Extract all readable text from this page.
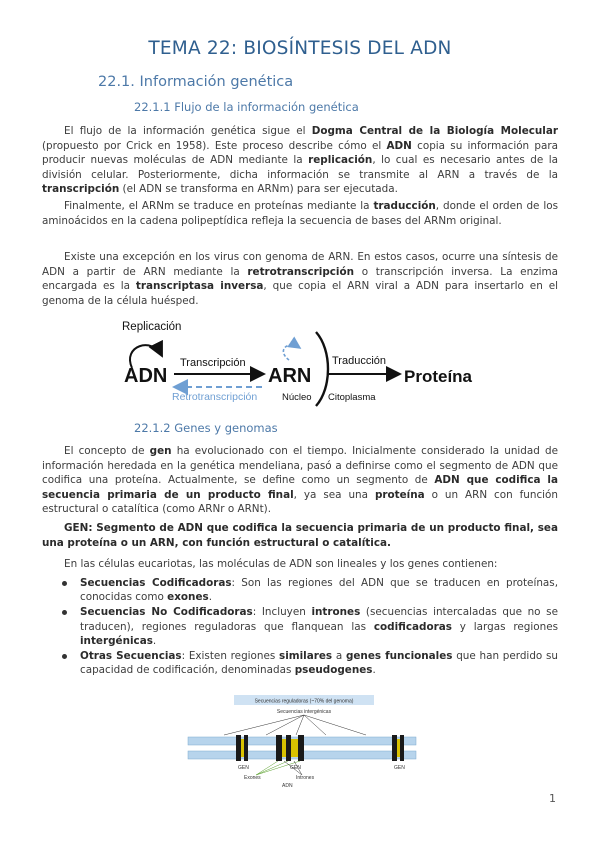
TEMA 22: BIOSÍNTESIS DEL ADN
22.1. Información genética
22.1.1 Flujo de la información genética

El flujo de la información genética sigue el Dogma Central de la Biología Molecular (propuesto por Crick en 1958). Este proceso describe cómo el ADN copia su información para producir nuevas moléculas de ADN mediante la replicación, lo cual es necesario antes de la división celular. Posteriormente, dicha información se transmite al ARN a través de la transcripción (el ADN se transforma en ARNm) para ser ejecutada.

Finalmente, el ARNm se traduce en proteínas mediante la traducción, donde el orden de los aminoácidos en la cadena polipeptídica refleja la secuencia de bases del ARNm original.

Existe una excepción en los virus con genoma de ARN. En estos casos, ocurre una síntesis de ADN a partir de ARN mediante la retrotranscripción o transcripción inversa. La enzima encargada es la transcriptasa inversa, que copia el ARN viral a ADN para insertarlo en el genoma de la célula huésped.

Replicación
ADN
Transcripción
ARN
Retrotranscripción	Núcleo Citoplasma
Traducción
Proteína
22.1.2 Genes y genomas

El concepto de gen ha evolucionado con el tiempo. Inicialmente considerado la unidad de información heredada en la genética mendeliana, pasó a definirse como el segmento de ADN que codifica una proteína. Actualmente, se define como un segmento de ADN que codifica la secuencia primaria de un producto final, ya sea una proteína o un ARN con función estructural o catalítica (como ARNr o ARNt).

GEN: Segmento de ADN que codifica la secuencia primaria de un producto final, sea una proteína o un ARN, con función estructural o catalítica.

En las células eucariotas, las moléculas de ADN son lineales y los genes contienen:

Secuencias Codificadoras: Son las regiones del ADN que se traducen en proteínas, conocidas como exones.
Secuencias No Codificadoras: Incluyen intrones (secuencias intercaladas que no se traducen), regiones reguladoras que flanquean las codificadoras y largas regiones intergénicas.
Otras Secuencias: Existen regiones similares a genes funcionales que han perdido su capacidad de codificación, denominadas pseudogenes.
Secuencias reguladoras (~70% del genoma)
Secuencias intergénicas
GEN	GEN	GEN
Exones	Intrones
ADN
1
